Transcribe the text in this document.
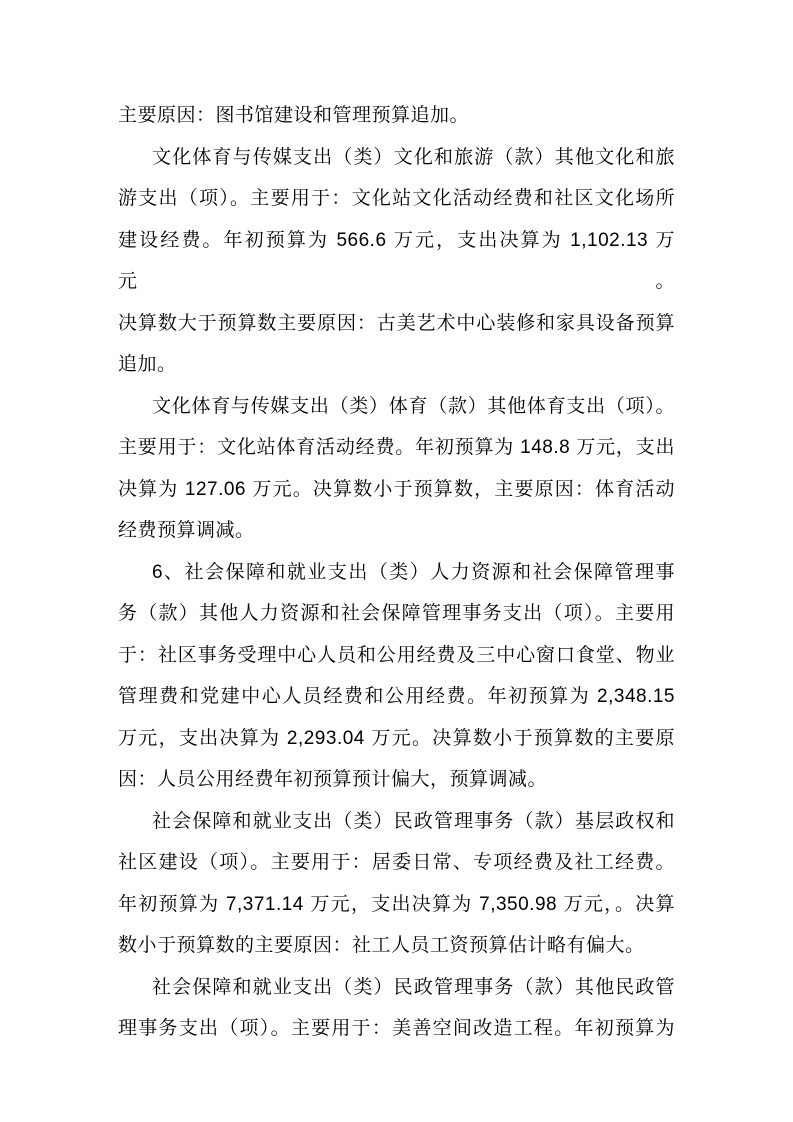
主要原因：图书馆建设和管理预算追加。
文化体育与传媒支出（类）文化和旅游（款）其他文化和旅
游支出（项）。主要用于：文化站文化活动经费和社区文化场所
建设经费。年初预算为 566.6 万元，支出决算为 1,102.13 万元。
决算数大于预算数主要原因：古美艺术中心装修和家具设备预算
追加。
文化体育与传媒支出（类）体育（款）其他体育支出（项）。
主要用于：文化站体育活动经费。年初预算为 148.8 万元，支出
决算为 127.06 万元。决算数小于预算数，主要原因：体育活动
经费预算调减。
6、社会保障和就业支出（类）人力资源和社会保障管理事
务（款）其他人力资源和社会保障管理事务支出（项）。主要用
于：社区事务受理中心人员和公用经费及三中心窗口食堂、物业
管理费和党建中心人员经费和公用经费。年初预算为 2,348.15
万元，支出决算为 2,293.04 万元。决算数小于预算数的主要原
因：人员公用经费年初预算预计偏大，预算调减。
社会保障和就业支出（类）民政管理事务（款）基层政权和
社区建设（项）。主要用于：居委日常、专项经费及社工经费。
年初预算为 7,371.14 万元，支出决算为 7,350.98 万元，。决算
数小于预算数的主要原因：社工人员工资预算估计略有偏大。
社会保障和就业支出（类）民政管理事务（款）其他民政管
理事务支出（项）。主要用于：美善空间改造工程。年初预算为
